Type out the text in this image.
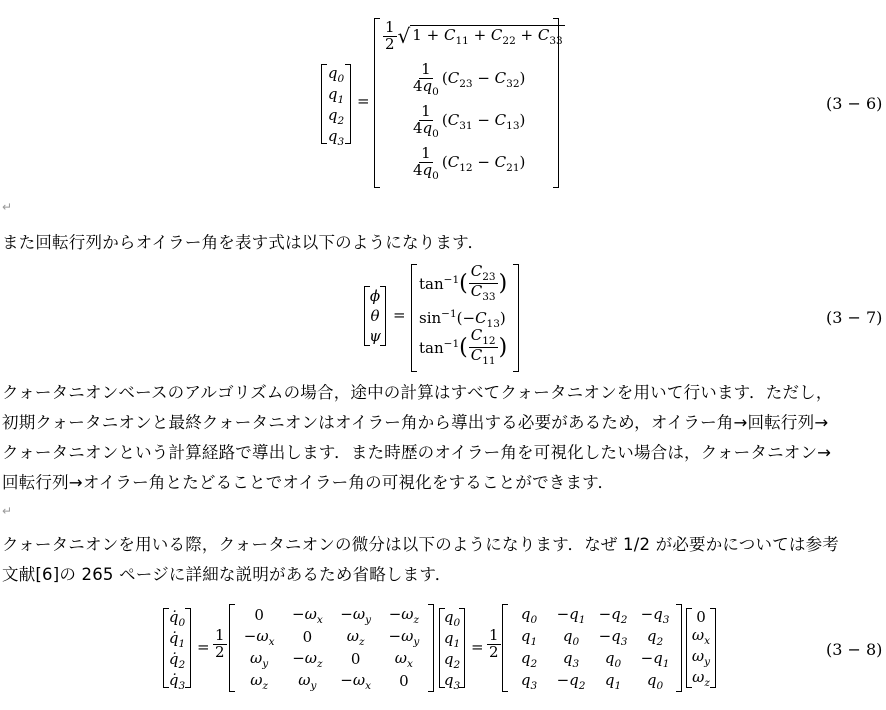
$q_0$
$q_1$
$q_2$
$q_3$
=
$\frac{1}{2}$ √ $1 + C_{11} + C_{22} + C_{33}$
$\frac{1}{4q_0} (C_{23} - C_{32})$
$\frac{1}{4q_0} (C_{31} - C_{13})$
$\frac{1}{4q_0} (C_{12} - C_{21})$
(3 − 6)
↵
また回転行列からオイラー角を表す式は以下のようになります．
ϕ
θ
ψ
=
$\tan^{-1}$ ( $\frac{C_{23}}{C_{33}}$ )
$\sin^{-1}(-C_{13})$
$\tan^{-1}$ ( $\frac{C_{12}}{C_{11}}$ )
(3 − 7)
クォータニオンベースのアルゴリズムの場合，途中の計算はすべてクォータニオンを用いて行います．ただし，
初期クォータニオンと最終クォータニオンはオイラー角から導出する必要があるため，オイラー角→回転行列→
クォータニオンという計算経路で導出します．また時歴のオイラー角を可視化したい場合は，クォータニオン→
回転行列→オイラー角とたどることでオイラー角の可視化をすることができます．
↵
クォータニオンを用いる際，クォータニオンの微分は以下のようになります．なぜ 1/2 が必要かについては参考
文献[6]の 265 ページに詳細な説明があるため省略します．
$q̇_0$
$q̇_1$
$q̇_2$
$q̇_3$
= $\frac{1}{2}$
$0 -\omega_x -\omega_y -\omega_z$
$-\omega_x$ 0 $\omega_z -\omega_y$
$\omega_y -\omega_z$ 0 $\omega_x$
$\omega_z$ $\omega_y -\omega_x$ 0
$q_0$
$q_1$
$q_2$
$q_3$
= $\frac{1}{2}$
$q_0 -q_1 -q_2 -q_3$
$q_1$ $q_0 -q_3$ $q_2$
$q_2$ $q_3$ $q_0 -q_1$
$q_3 -q_2$ $q_1$ $q_0$
0
$\omega_x$
$\omega_y$
$\omega_z$
(3 − 8)
